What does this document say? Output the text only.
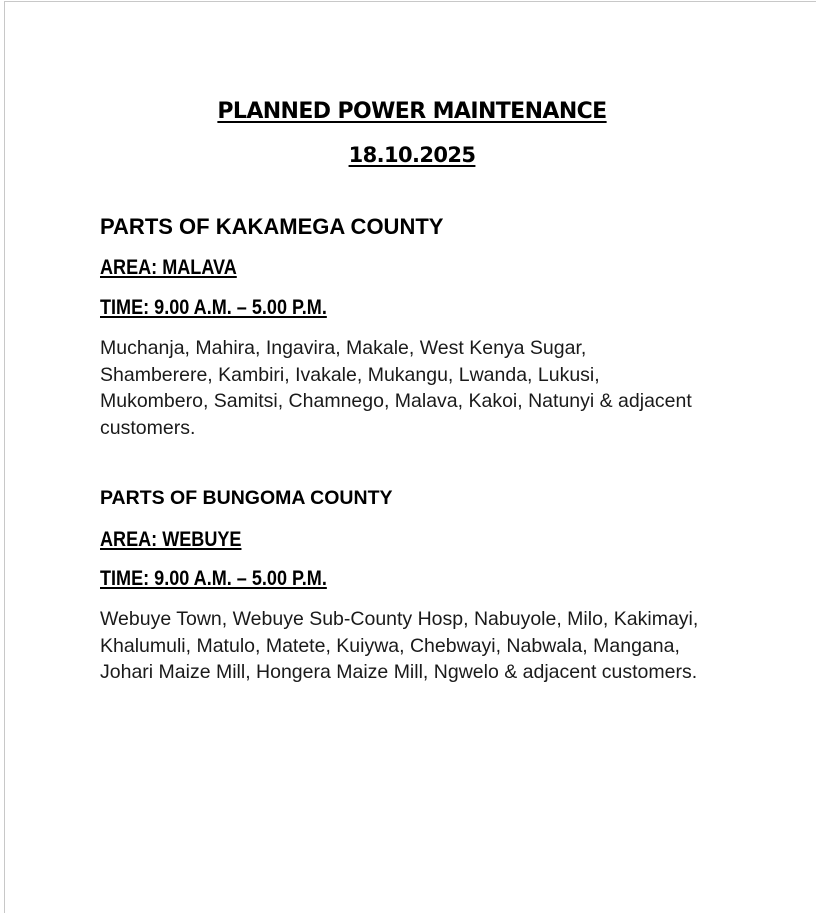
PLANNED POWER MAINTENANCE
18.10.2025
PARTS OF KAKAMEGA COUNTY
AREA: MALAVA
TIME: 9.00 A.M. – 5.00 P.M.

Muchanja, Mahira, Ingavira, Makale, West Kenya Sugar, Shamberere, Kambiri, Ivakale, Mukangu, Lwanda, Lukusi, Mukombero, Samitsi, Chamnego, Malava, Kakoi, Natunyi & adjacent customers.

PARTS OF BUNGOMA COUNTY
AREA: WEBUYE
TIME: 9.00 A.M. – 5.00 P.M.

Webuye Town, Webuye Sub-County Hosp, Nabuyole, Milo, Kakimayi, Khalumuli, Matulo, Matete, Kuiywa, Chebwayi, Nabwala, Mangana, Johari Maize Mill, Hongera Maize Mill, Ngwelo & adjacent customers.
